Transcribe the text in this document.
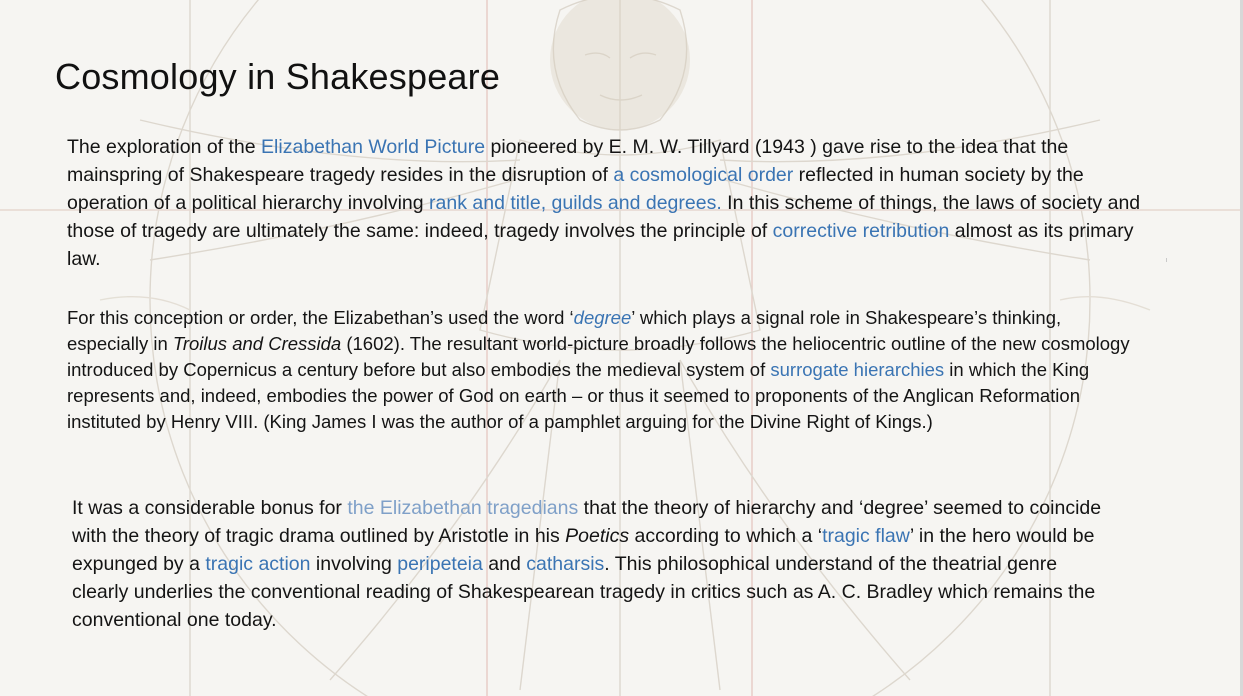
Cosmology in Shakespeare

The exploration of the Elizabethan World Picture pioneered by E. M. W. Tillyard (1943 ) gave rise to the idea that the mainspring of Shakespeare tragedy resides in the disruption of a cosmological order reflected in human society by the operation of a political hierarchy involving rank and title, guilds and degrees. In this scheme of things, the laws of society and those of tragedy are ultimately the same: indeed, tragedy involves the principle of corrective retribution almost as its primary law.

For this conception or order, the Elizabethan’s used the word ‘degree’ which plays a signal role in Shakespeare’s thinking, especially in Troilus and Cressida (1602). The resultant world-picture broadly follows the heliocentric outline of the new cosmology introduced by Copernicus a century before but also embodies the medieval system of surrogate hierarchies in which the King represents and, indeed, embodies the power of God on earth – or thus it seemed to proponents of the Anglican Reformation instituted by Henry VIII. (King James I was the author of a pamphlet arguing for the Divine Right of Kings.)

It was a considerable bonus for the Elizabethan tragedians that the theory of hierarchy and ‘degree’ seemed to coincide with the theory of tragic drama outlined by Aristotle in his Poetics according to which a ‘tragic flaw’ in the hero would be expunged by a tragic action involving peripeteia and catharsis. This philosophical understand of the theatrial genre clearly underlies the conventional reading of Shakespearean tragedy in critics such as A. C. Bradley which remains the conventional one today.
